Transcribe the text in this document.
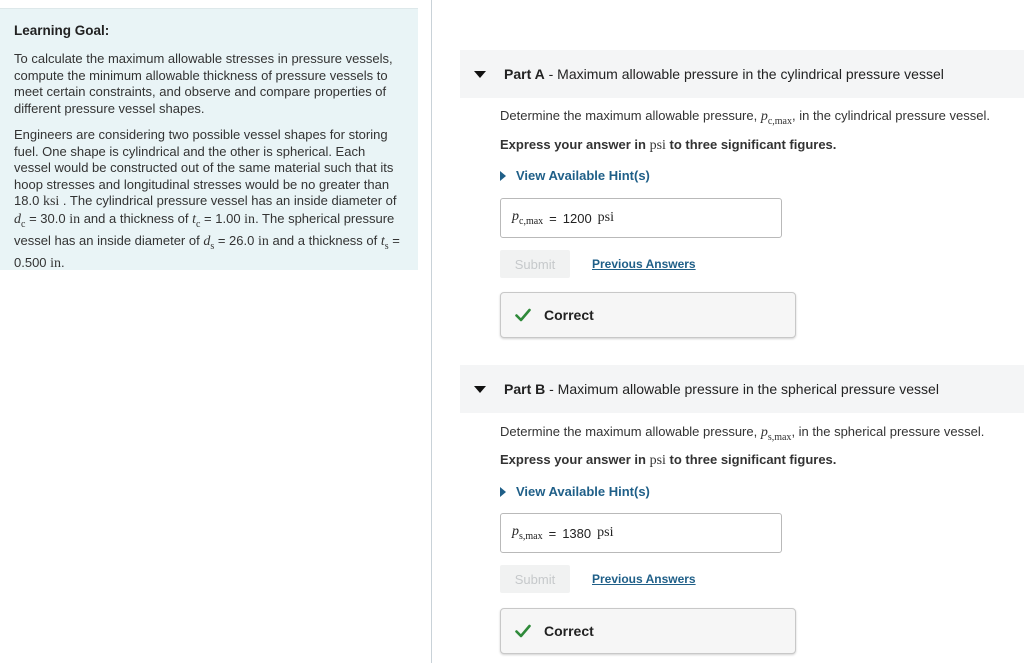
Learning Goal:

To calculate the maximum allowable stresses in pressure vessels, compute the minimum allowable thickness of pressure vessels to meet certain constraints, and observe and compare properties of different pressure vessel shapes.

Engineers are considering two possible vessel shapes for storing fuel. One shape is cylindrical and the other is spherical. Each vessel would be constructed out of the same material such that its hoop stresses and longitudinal stresses would be no greater than 18.0 ksi . The cylindrical pressure vessel has an inside diameter of $d_c = 30.0$ in and a thickness of $t_c = 1.00$ in. The spherical pressure vessel has an inside diameter of $d_s = 26.0$ in and a thickness of $t_s = 0.500$ in.

Part A - Maximum allowable pressure in the cylindrical pressure vessel
Determine the maximum allowable pressure, $p_{c,max}$, in the cylindrical pressure vessel.
Express your answer in psi to three significant figures.
View Available Hint(s)
$p_{c,max} = 1200$ psi
Submit	Previous Answers
Correct
Part B - Maximum allowable pressure in the spherical pressure vessel
Determine the maximum allowable pressure, $p_{s,max}$, in the spherical pressure vessel.
Express your answer in psi to three significant figures.
View Available Hint(s)
$p_{s,max} = 1380$ psi
Submit	Previous Answers
Correct
